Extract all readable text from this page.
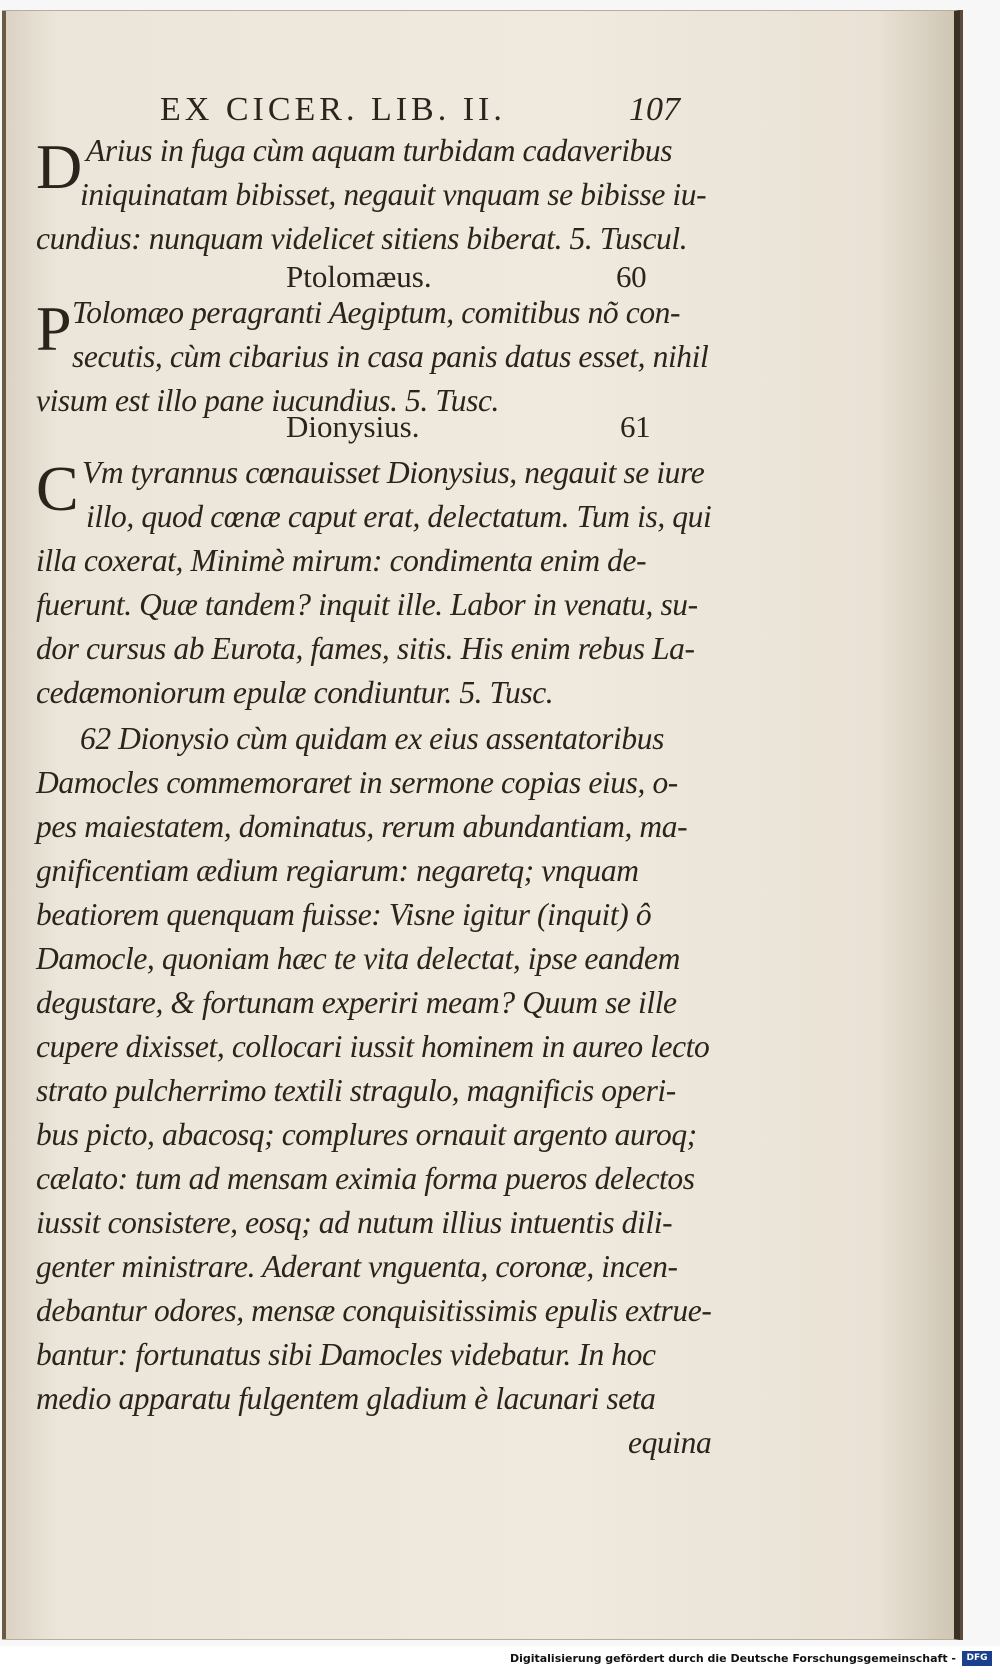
EX CICER. LIB. II.	107
D Arius in fuga cùm aquam turbidam cadaveribus
iniquinatam bibisset, negauit vnquam se bibisse iu-
cundius: nunquam videlicet sitiens biberat. 5. Tuscul.
Ptolomæus.	60
P Tolomæo peragranti Aegiptum, comitibus nõ con-
secutis, cùm cibarius in casa panis datus esset, nihil
visum est illo pane iucundius. 5. Tusc.
Dionysius.	61
C Vm tyrannus cœnauisset Dionysius, negauit se iure
illo, quod cœnæ caput erat, delectatum. Tum is, qui
illa coxerat, Minimè mirum: condimenta enim de-
fuerunt. Quæ tandem? inquit ille. Labor in venatu, su-
dor cursus ab Eurota, fames, sitis. His enim rebus La-
cedæmoniorum epulæ condiuntur. 5. Tusc.
62 Dionysio cùm quidam ex eius assentatoribus
Damocles commemoraret in sermone copias eius, o-
pes maiestatem, dominatus, rerum abundantiam, ma-
gnificentiam ædium regiarum: negaretq; vnquam
beatiorem quenquam fuisse: Visne igitur (inquit) ô
Damocle, quoniam hæc te vita delectat, ipse eandem
degustare, & fortunam experiri meam? Quum se ille
cupere dixisset, collocari iussit hominem in aureo lecto
strato pulcherrimo textili stragulo, magnificis operi-
bus picto, abacosq; complures ornauit argento auroq;
cælato: tum ad mensam eximia forma pueros delectos
iussit consistere, eosq; ad nutum illius intuentis dili-
genter ministrare. Aderant vnguenta, coronæ, incen-
debantur odores, mensæ conquisitissimis epulis extrue-
bantur: fortunatus sibi Damocles videbatur. In hoc
medio apparatu fulgentem gladium è lacunari seta
equina
Digitalisierung gefördert durch die Deutsche Forschungsgemeinschaft -	DFG
